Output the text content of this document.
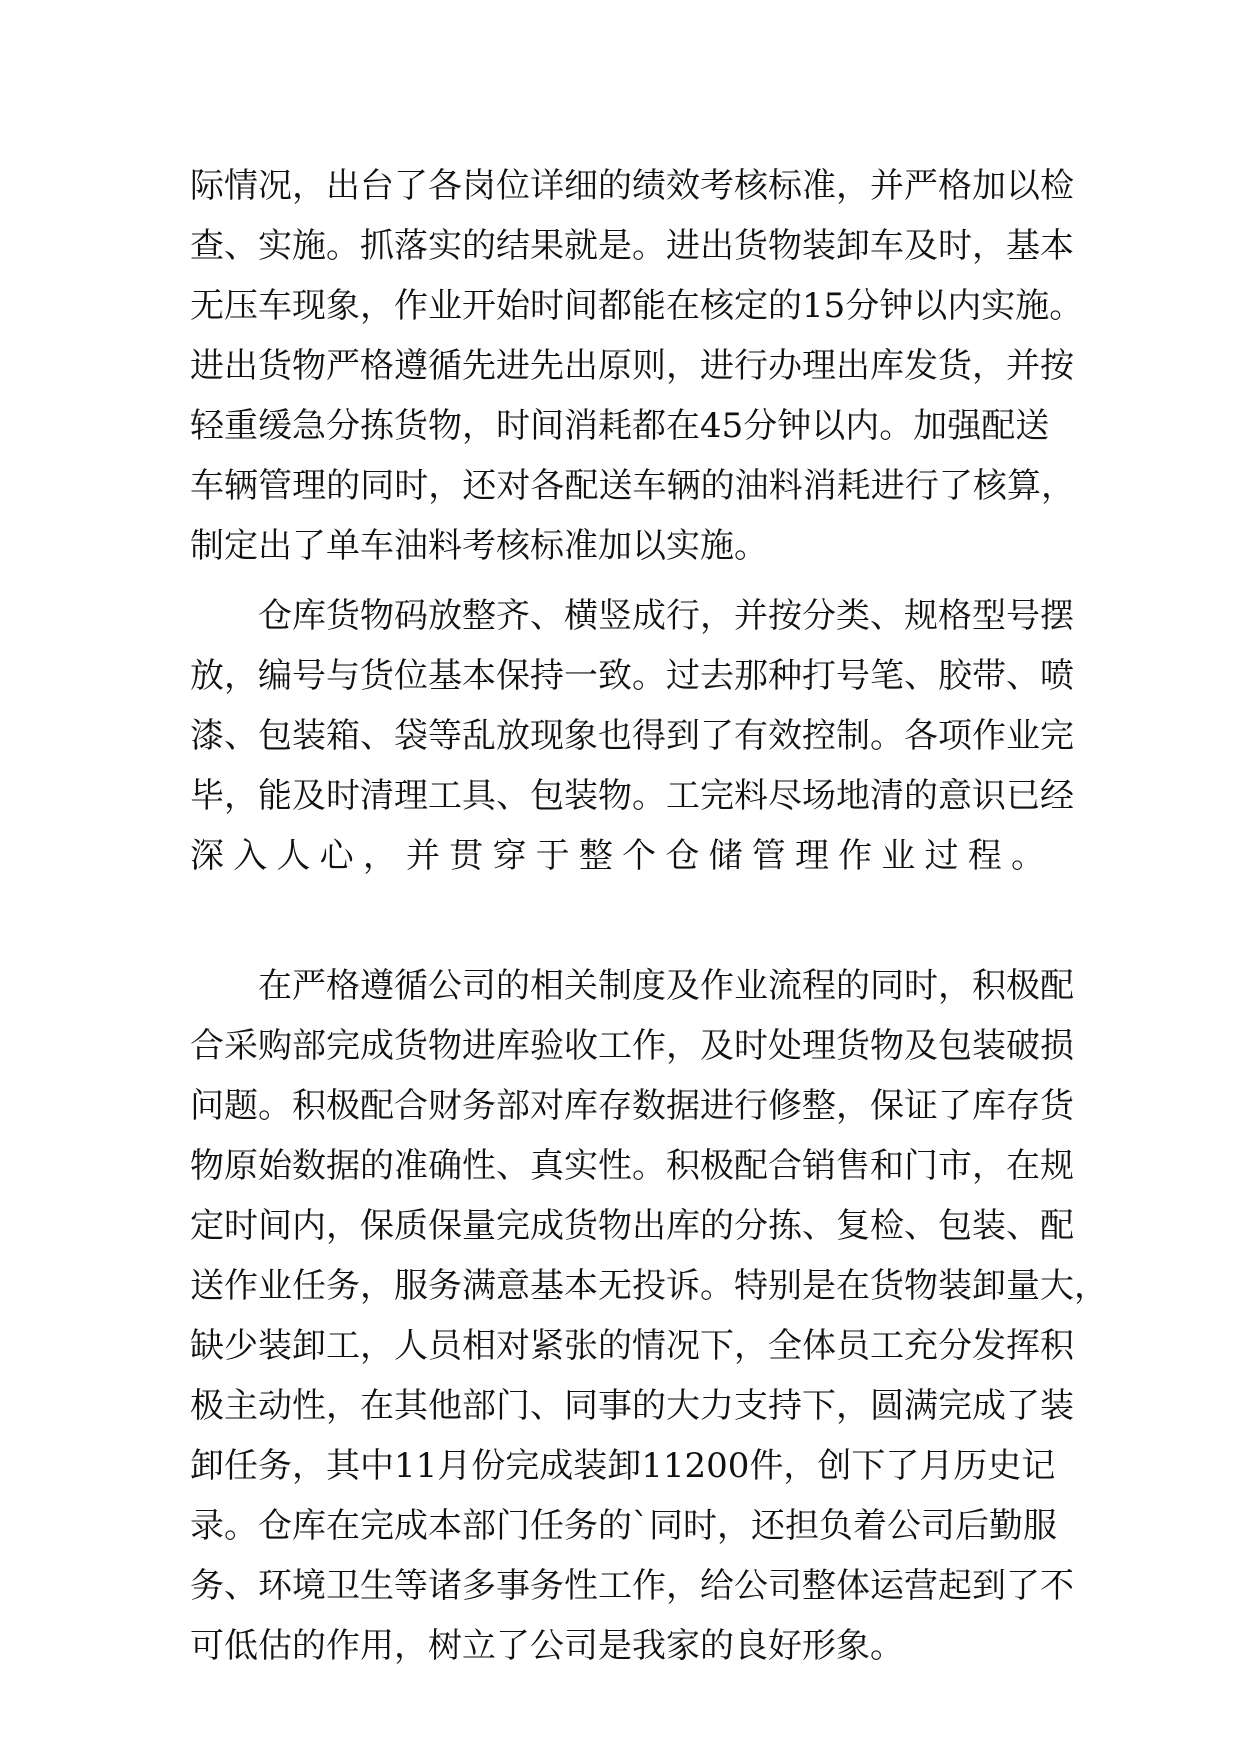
际情况，出台了各岗位详细的绩效考核标准，并严格加以检
查、实施。抓落实的结果就是。进出货物装卸车及时，基本
无压车现象，作业开始时间都能在核定的15分钟以内实施。
进出货物严格遵循先进先出原则，进行办理出库发货，并按
轻重缓急分拣货物，时间消耗都在45分钟以内。加强配送
车辆管理的同时，还对各配送车辆的油料消耗进行了核算，
制定出了单车油料考核标准加以实施。
仓库货物码放整齐、横竖成行，并按分类、规格型号摆
放，编号与货位基本保持一致。过去那种打号笔、胶带、喷
漆、包装箱、袋等乱放现象也得到了有效控制。各项作业完
毕，能及时清理工具、包装物。工完料尽场地清的意识已经
深入人心，并贯穿于整个仓储管理作业过程。
在严格遵循公司的相关制度及作业流程的同时，积极配
合采购部完成货物进库验收工作，及时处理货物及包装破损
问题。积极配合财务部对库存数据进行修整，保证了库存货
物原始数据的准确性、真实性。积极配合销售和门市，在规
定时间内，保质保量完成货物出库的分拣、复检、包装、配
送作业任务，服务满意基本无投诉。特别是在货物装卸量大，
缺少装卸工，人员相对紧张的情况下，全体员工充分发挥积
极主动性，在其他部门、同事的大力支持下，圆满完成了装
卸任务，其中11月份完成装卸11200件，创下了月历史记
录。仓库在完成本部门任务的`同时，还担负着公司后勤服
务、环境卫生等诸多事务性工作，给公司整体运营起到了不
可低估的作用，树立了公司是我家的良好形象。
